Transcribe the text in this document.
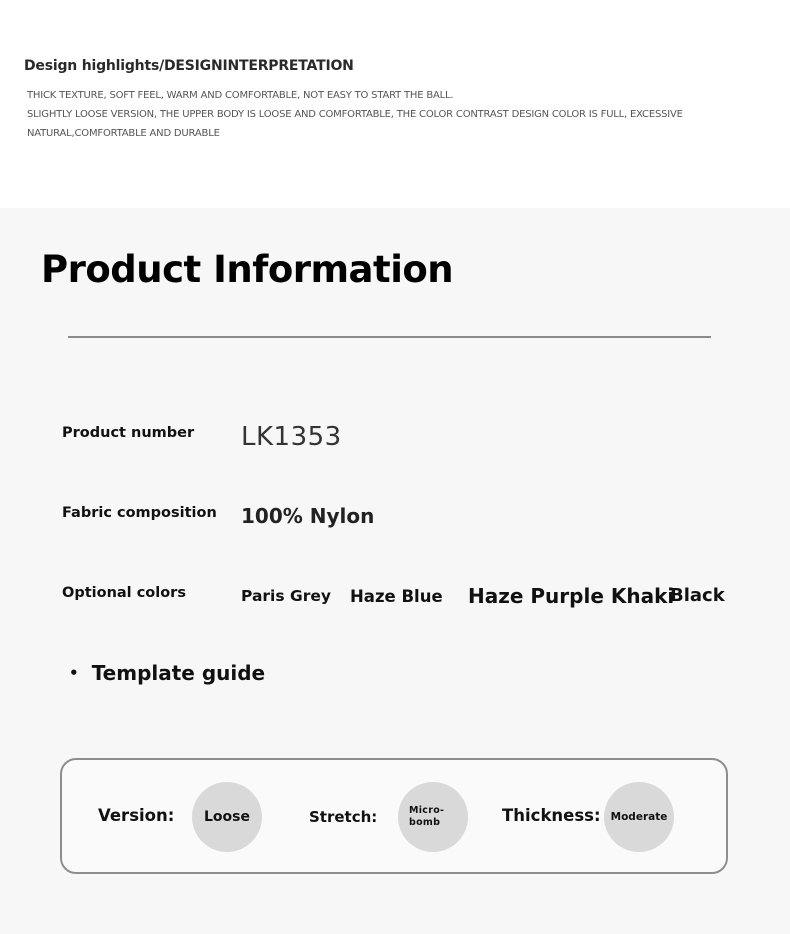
Design highlights/DESIGNINTERPRETATION
THICK TEXTURE, SOFT FEEL, WARM AND COMFORTABLE, NOT EASY TO START THE BALL.
SLIGHTLY LOOSE VERSION, THE UPPER BODY IS LOOSE AND COMFORTABLE, THE COLOR CONTRAST DESIGN COLOR IS FULL, EXCESSIVE
NATURAL,COMFORTABLE AND DURABLE
Product Information
Product number LK1353
Fabric composition 100% Nylon
Optional colors	Paris Grey Haze Blue Haze Purple Khaki
Black
• Template guide
Version:	Loose	Stretch:	Micro-bomb	Thickness: Moderate
